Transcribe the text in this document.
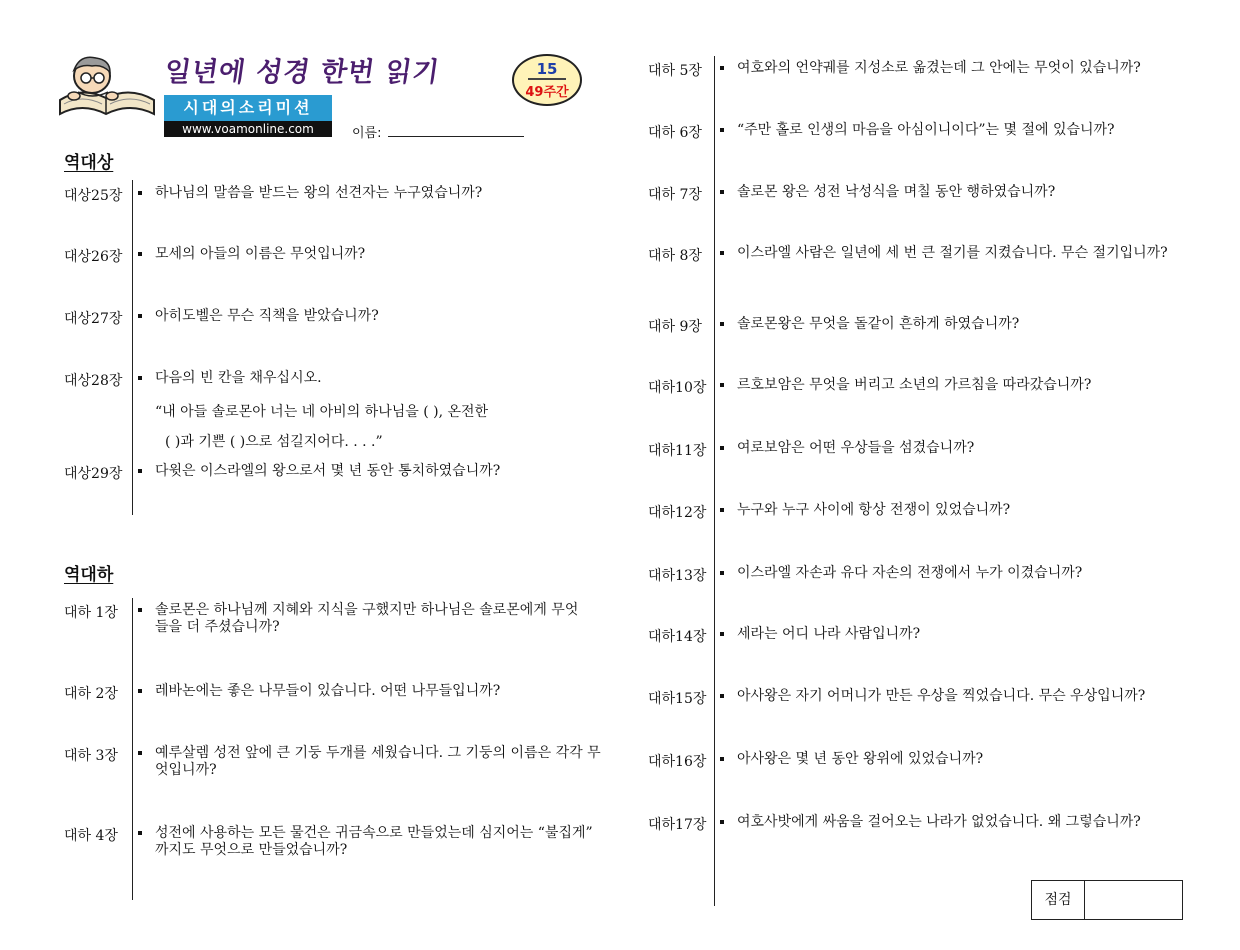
일년에 성경 한번 읽기	15
49주간
시대의소리미션
www.voamonline.com	이름:
역대상
대상25장	하나님의 말씀을 받드는 왕의 선견자는 누구였습니까?
대상26장	모세의 아들의 이름은 무엇입니까?
대상27장	아히도벨은 무슨 직책을 받았습니까?
대상28장	다음의 빈 칸을 채우십시오.
“내 아들 솔로몬아 너는 네 아비의 하나님을 ( ), 온전한
( )과 기쁜 ( )으로 섬길지어다. . . .”
대상29장	다윗은 이스라엘의 왕으로서 몇 년 동안 통치하였습니까?
역대하
대하 1장	솔로몬은 하나님께 지혜와 지식을 구했지만 하나님은 솔로몬에게 무엇들을 더 주셨습니까?
대하 2장	레바논에는 좋은 나무들이 있습니다. 어떤 나무들입니까?
대하 3장	예루살렘 성전 앞에 큰 기둥 두개를 세웠습니다. 그 기둥의 이름은 각각 무엇입니까?
대하 4장	성전에 사용하는 모든 물건은 귀금속으로 만들었는데 심지어는 “불집게” 까지도 무엇으로 만들었습니까?
대하 5장	여호와의 언약궤를 지성소로 옮겼는데 그 안에는 무엇이 있습니까?
대하 6장	“주만 홀로 인생의 마음을 아심이니이다”는 몇 절에 있습니까?
대하 7장	솔로몬 왕은 성전 낙성식을 며칠 동안 행하였습니까?
대하 8장	이스라엘 사람은 일년에 세 번 큰 절기를 지켰습니다. 무슨 절기입니까?
대하 9장	솔로몬왕은 무엇을 돌같이 흔하게 하였습니까?
대하10장	르호보암은 무엇을 버리고 소년의 가르침을 따라갔습니까?
대하11장	여로보암은 어떤 우상들을 섬겼습니까?
대하12장	누구와 누구 사이에 항상 전쟁이 있었습니까?
대하13장	이스라엘 자손과 유다 자손의 전쟁에서 누가 이겼습니까?
대하14장	세라는 어디 나라 사람입니까?
대하15장	아사왕은 자기 어머니가 만든 우상을 찍었습니다. 무슨 우상입니까?
대하16장	아사왕은 몇 년 동안 왕위에 있었습니까?
대하17장	여호사밧에게 싸움을 걸어오는 나라가 없었습니다. 왜 그렇습니까?
점검
